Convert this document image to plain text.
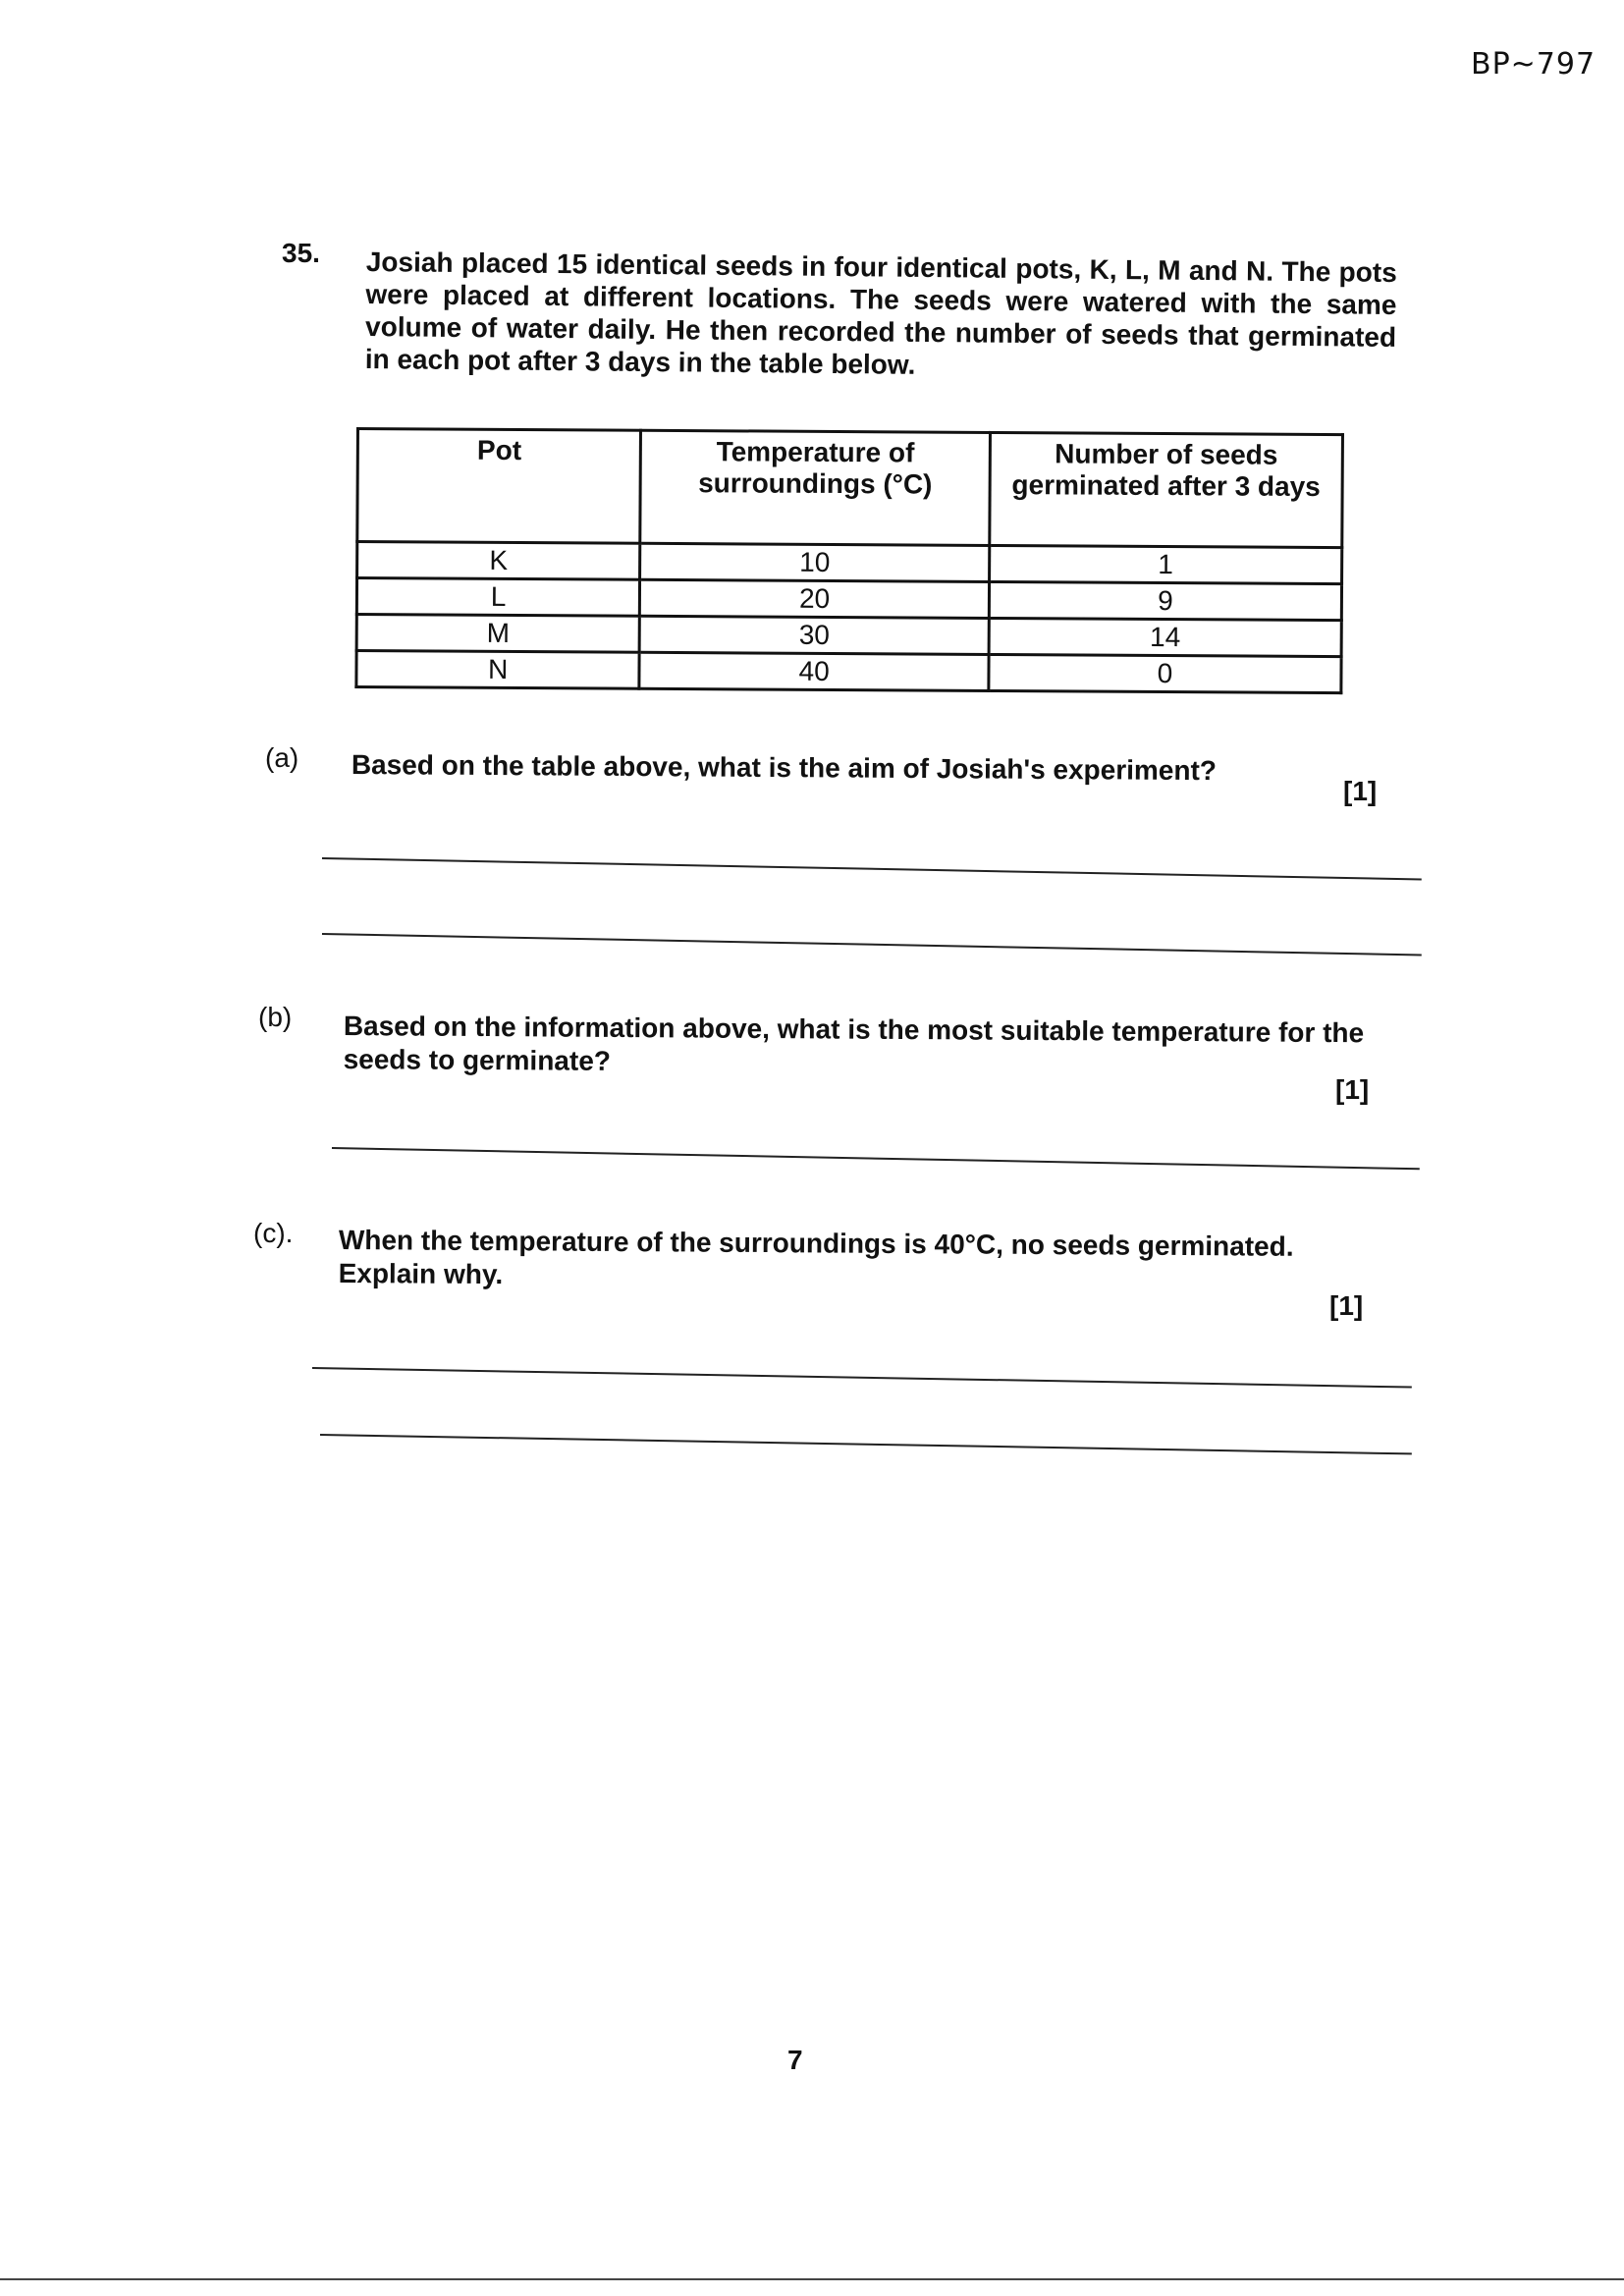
BP~797
35. Josiah placed 15 identical seeds in four identical pots, K, L, M and N. The pots were placed at different locations. The seeds were watered with the same volume of water daily. He then recorded the number of seeds that germinated in each pot after 3 days in the table below.
Pot	Temperature of surroundings (°C)	Number of seeds germinated after 3 days
K	10	1
L	20	9
M	30	14
N	40	0
(a) Based on the table above, what is the aim of Josiah's experiment?
[1]
(b) Based on the information above, what is the most suitable temperature for the seeds to germinate?
[1]
(c). When the temperature of the surroundings is 40°C, no seeds germinated. Explain why.
[1]
7
